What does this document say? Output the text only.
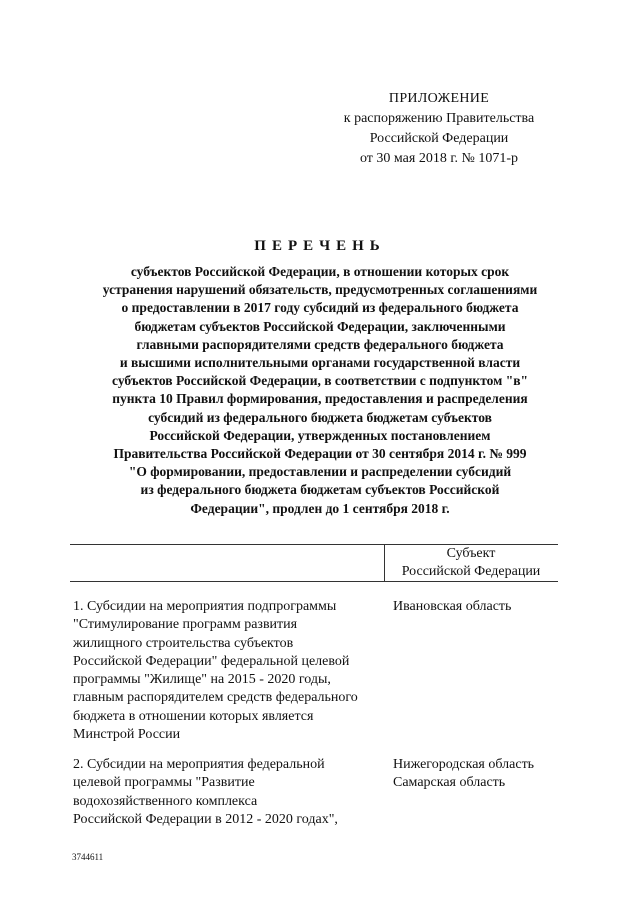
ПРИЛОЖЕНИЕ
к распоряжению Правительства
Российской Федерации
от 30 мая 2018 г. № 1071-р
ПЕРЕЧЕНЬ
субъектов Российской Федерации, в отношении которых срок
устранения нарушений обязательств, предусмотренных соглашениями
о предоставлении в 2017 году субсидий из федерального бюджета
бюджетам субъектов Российской Федерации, заключенными
главными распорядителями средств федерального бюджета
и высшими исполнительными органами государственной власти
субъектов Российской Федерации, в соответствии с подпунктом "в"
пункта 10 Правил формирования, предоставления и распределения
субсидий из федерального бюджета бюджетам субъектов
Российской Федерации, утвержденных постановлением
Правительства Российской Федерации от 30 сентября 2014 г. № 999
"О формировании, предоставлении и распределении субсидий
из федерального бюджета бюджетам субъектов Российской
Федерации", продлен до 1 сентября 2018 г.
Субъект
Российской Федерации
1. Субсидии на мероприятия подпрограммы
"Стимулирование программ развития
жилищного строительства субъектов
Российской Федерации" федеральной целевой
программы "Жилище" на 2015 - 2020 годы,
главным распорядителем средств федерального
бюджета в отношении которых является
Минстрой России
Ивановская область
2. Субсидии на мероприятия федеральной
целевой программы "Развитие
водохозяйственного комплекса
Российской Федерации в 2012 - 2020 годах",
Нижегородская область
Самарская область
3744611
